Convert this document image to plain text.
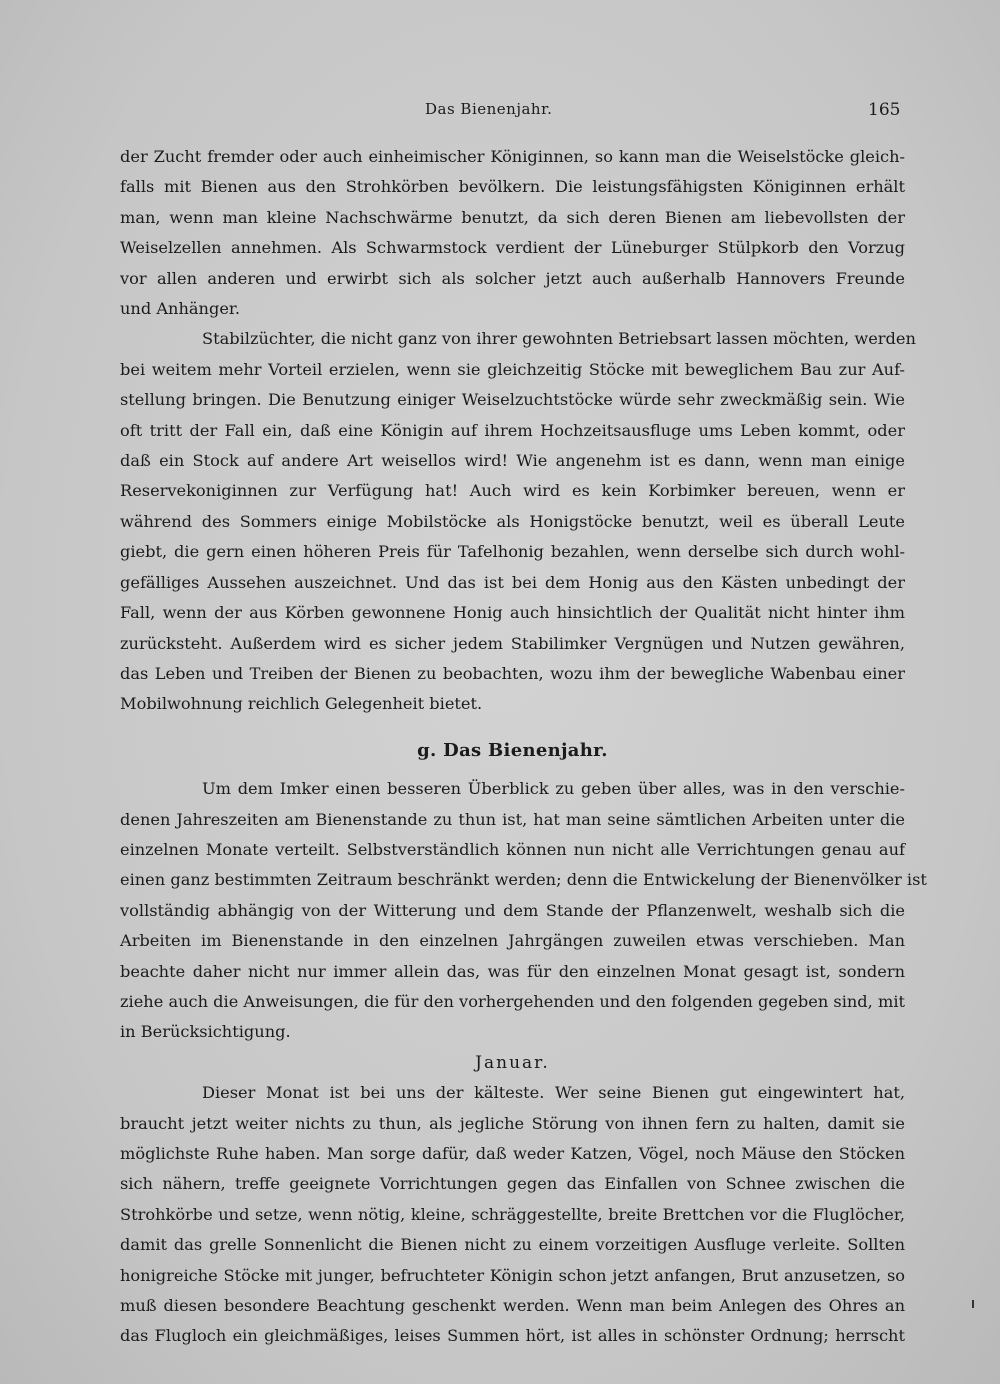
Das Bienenjahr.	165

der Zucht fremder oder auch einheimischer Königinnen, so kann man die Weiselstöcke gleich-
falls mit Bienen aus den Strohkörben bevölkern. Die leistungsfähigsten Königinnen erhält
man, wenn man kleine Nachschwärme benutzt, da sich deren Bienen am liebevollsten der
Weiselzellen annehmen. Als Schwarmstock verdient der Lüneburger Stülpkorb den Vorzug
vor allen anderen und erwirbt sich als solcher jetzt auch außerhalb Hannovers Freunde
und Anhänger.

Stabilzüchter, die nicht ganz von ihrer gewohnten Betriebsart lassen möchten, werden
bei weitem mehr Vorteil erzielen, wenn sie gleichzeitig Stöcke mit beweglichem Bau zur Auf-
stellung bringen. Die Benutzung einiger Weiselzuchtstöcke würde sehr zweckmäßig sein. Wie
oft tritt der Fall ein, daß eine Königin auf ihrem Hochzeitsausfluge ums Leben kommt, oder
daß ein Stock auf andere Art weisellos wird! Wie angenehm ist es dann, wenn man einige
Reservekoniginnen zur Verfügung hat! Auch wird es kein Korbimker bereuen, wenn er
während des Sommers einige Mobilstöcke als Honigstöcke benutzt, weil es überall Leute
giebt, die gern einen höheren Preis für Tafelhonig bezahlen, wenn derselbe sich durch wohl-
gefälliges Aussehen auszeichnet. Und das ist bei dem Honig aus den Kästen unbedingt der
Fall, wenn der aus Körben gewonnene Honig auch hinsichtlich der Qualität nicht hinter ihm
zurücksteht. Außerdem wird es sicher jedem Stabilimker Vergnügen und Nutzen gewähren,
das Leben und Treiben der Bienen zu beobachten, wozu ihm der bewegliche Wabenbau einer
Mobilwohnung reichlich Gelegenheit bietet.

g. Das Bienenjahr.

Um dem Imker einen besseren Überblick zu geben über alles, was in den verschie-
denen Jahreszeiten am Bienenstande zu thun ist, hat man seine sämtlichen Arbeiten unter die
einzelnen Monate verteilt. Selbstverständlich können nun nicht alle Verrichtungen genau auf
einen ganz bestimmten Zeitraum beschränkt werden; denn die Entwickelung der Bienenvölker ist
vollständig abhängig von der Witterung und dem Stande der Pflanzenwelt, weshalb sich die
Arbeiten im Bienenstande in den einzelnen Jahrgängen zuweilen etwas verschieben. Man
beachte daher nicht nur immer allein das, was für den einzelnen Monat gesagt ist, sondern
ziehe auch die Anweisungen, die für den vorhergehenden und den folgenden gegeben sind, mit
in Berücksichtigung.

Januar.

Dieser Monat ist bei uns der kälteste. Wer seine Bienen gut eingewintert hat,
braucht jetzt weiter nichts zu thun, als jegliche Störung von ihnen fern zu halten, damit sie
möglichste Ruhe haben. Man sorge dafür, daß weder Katzen, Vögel, noch Mäuse den Stöcken
sich nähern, treffe geeignete Vorrichtungen gegen das Einfallen von Schnee zwischen die
Strohkörbe und setze, wenn nötig, kleine, schräggestellte, breite Brettchen vor die Fluglöcher,
damit das grelle Sonnenlicht die Bienen nicht zu einem vorzeitigen Ausfluge verleite. Sollten
honigreiche Stöcke mit junger, befruchteter Königin schon jetzt anfangen, Brut anzusetzen, so
muß diesen besondere Beachtung geschenkt werden. Wenn man beim Anlegen des Ohres an
das Flugloch ein gleichmäßiges, leises Summen hört, ist alles in schönster Ordnung; herrscht
